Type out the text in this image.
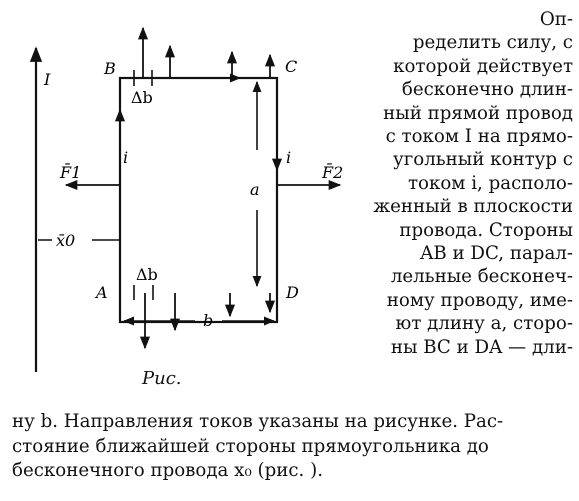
I
x̄0
Δb
Δb
i	i
F̄1	F̄2
a
b
B	C
A	D
Рис.
Оп-
ределить силу, с
которой действует
бесконечно длин-
ный прямой провод
с током I на прямо-
угольный контур с
током i, располо-
женный в плоскости
провода. Стороны
AB и DC, парал-
лельные бесконеч-
ному проводу, име-
ют длину a, сторо-
ны BC и DA — дли-
ну b. Направления токов указаны на рисунке. Рас-
стояние ближайшей стороны прямоугольника до
бесконечного провода x₀ (рис. ).
